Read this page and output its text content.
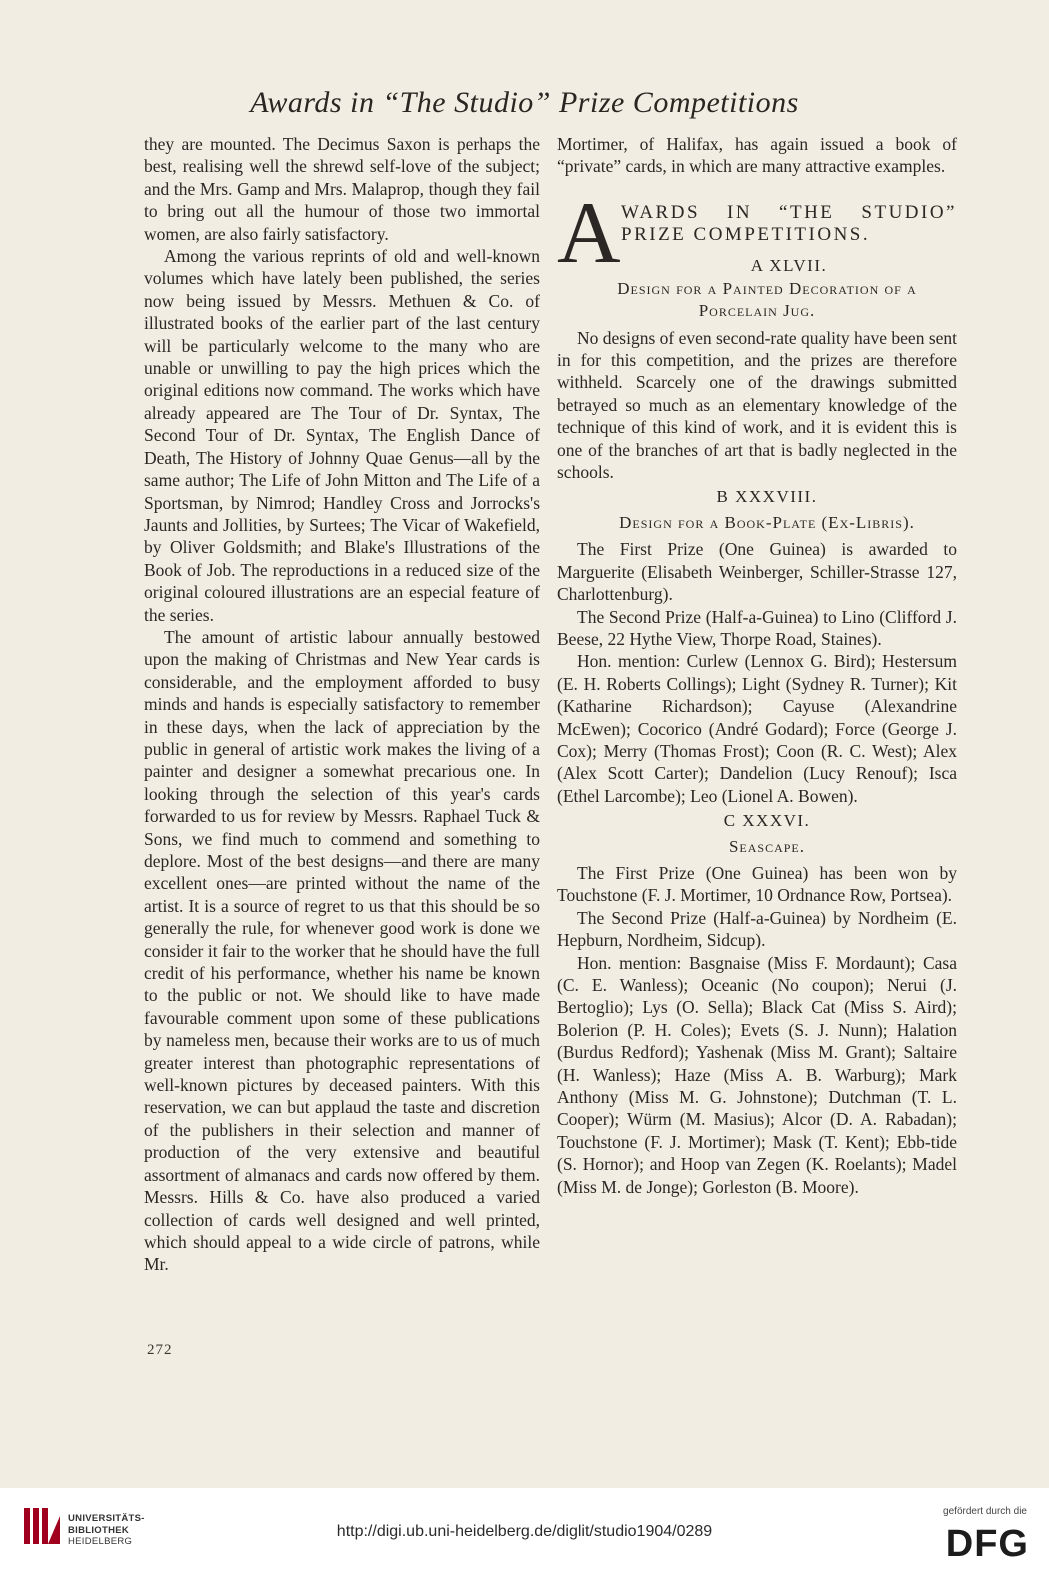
Awards in “The Studio” Prize Competitions

they are mounted. The Decimus Saxon is perhaps the best, realising well the shrewd self-love of the subject; and the Mrs. Gamp and Mrs. Malaprop, though they fail to bring out all the humour of those two immortal women, are also fairly satisfactory.

Among the various reprints of old and well-known volumes which have lately been published, the series now being issued by Messrs. Methuen & Co. of illustrated books of the earlier part of the last century will be particularly welcome to the many who are unable or unwilling to pay the high prices which the original editions now command. The works which have already appeared are The Tour of Dr. Syntax, The Second Tour of Dr. Syntax, The English Dance of Death, The History of Johnny Quae Genus—all by the same author; The Life of John Mitton and The Life of a Sportsman, by Nimrod; Handley Cross and Jorrocks's Jaunts and Jollities, by Surtees; The Vicar of Wakefield, by Oliver Goldsmith; and Blake's Illustrations of the Book of Job. The reproductions in a reduced size of the original coloured illustrations are an especial feature of the series.

The amount of artistic labour annually bestowed upon the making of Christmas and New Year cards is considerable, and the employment afforded to busy minds and hands is especially satisfactory to remember in these days, when the lack of appreciation by the public in general of artistic work makes the living of a painter and designer a somewhat precarious one. In looking through the selection of this year's cards forwarded to us for review by Messrs. Raphael Tuck & Sons, we find much to commend and something to deplore. Most of the best designs—and there are many excellent ones—are printed without the name of the artist. It is a source of regret to us that this should be so generally the rule, for whenever good work is done we consider it fair to the worker that he should have the full credit of his performance, whether his name be known to the public or not. We should like to have made favourable comment upon some of these publications by nameless men, because their works are to us of much greater interest than photographic representations of well-known pictures by deceased painters. With this reservation, we can but applaud the taste and discretion of the publishers in their selection and manner of production of the very extensive and beautiful assortment of almanacs and cards now offered by them. Messrs. Hills & Co. have also produced a varied collection of cards well designed and well printed, which should appeal to a wide circle of patrons, while Mr.

Mortimer, of Halifax, has again issued a book of “private” cards, in which are many attractive examples.

A WARDS IN “THE STUDIO”
PRIZE COMPETITIONS.
A XLVII.

Design for a Painted Decoration of a Porcelain Jug.

No designs of even second-rate quality have been sent in for this competition, and the prizes are therefore withheld. Scarcely one of the drawings submitted betrayed so much as an elementary knowledge of the technique of this kind of work, and it is evident this is one of the branches of art that is badly neglected in the schools.

B XXXVIII.

Design for a Book-Plate (Ex-Libris).

The First Prize (One Guinea) is awarded to Marguerite (Elisabeth Weinberger, Schiller-Strasse 127, Charlottenburg).

The Second Prize (Half-a-Guinea) to Lino (Clifford J. Beese, 22 Hythe View, Thorpe Road, Staines).

Hon. mention: Curlew (Lennox G. Bird); Hestersum (E. H. Roberts Collings); Light (Sydney R. Turner); Kit (Katharine Richardson); Cayuse (Alexandrine McEwen); Cocorico (André Godard); Force (George J. Cox); Merry (Thomas Frost); Coon (R. C. West); Alex (Alex Scott Carter); Dandelion (Lucy Renouf); Isca (Ethel Larcombe); Leo (Lionel A. Bowen).

C XXXVI.

Seascape.

The First Prize (One Guinea) has been won by Touchstone (F. J. Mortimer, 10 Ordnance Row, Portsea).

The Second Prize (Half-a-Guinea) by Nordheim (E. Hepburn, Nordheim, Sidcup).

Hon. mention: Basgnaise (Miss F. Mordaunt); Casa (C. E. Wanless); Oceanic (No coupon); Nerui (J. Bertoglio); Lys (O. Sella); Black Cat (Miss S. Aird); Bolerion (P. H. Coles); Evets (S. J. Nunn); Halation (Burdus Redford); Yashenak (Miss M. Grant); Saltaire (H. Wanless); Haze (Miss A. B. Warburg); Mark Anthony (Miss M. G. Johnstone); Dutchman (T. L. Cooper); Würm (M. Masius); Alcor (D. A. Rabadan); Touchstone (F. J. Mortimer); Mask (T. Kent); Ebb-tide (S. Hornor); and Hoop van Zegen (K. Roelants); Madel (Miss M. de Jonge); Gorleston (B. Moore).

272
UNIVERSITÄTS-
BIBLIOTHEK
HEIDELBERG
http://digi.ub.uni-heidelberg.de/diglit/studio1904/0289
gefördert durch die
DFG
